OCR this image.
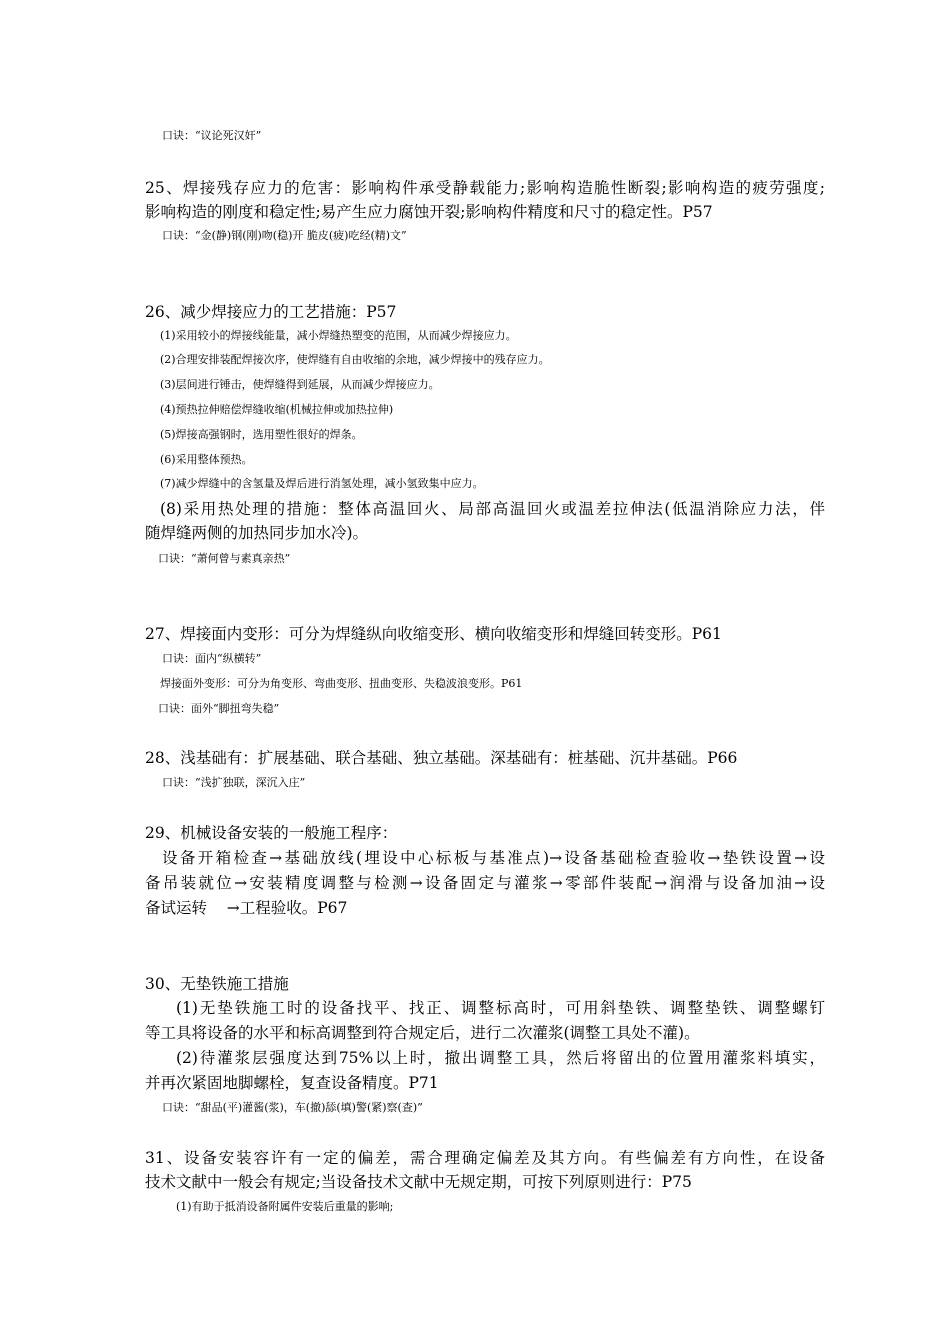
口诀：“议论死汉奸”
25、焊接残存应力的危害：影响构件承受静载能力;影响构造脆性断裂;影响构造的疲劳强度;
影响构造的刚度和稳定性;易产生应力腐蚀开裂;影响构件精度和尺寸的稳定性。P57
口诀：“金(静)钢(刚)吻(稳)开 脆皮(疲)吃经(精)文”
26、减少焊接应力的工艺措施：P57
(1)采用较小的焊接线能量，减小焊缝热塑变的范围，从而减少焊接应力。
(2)合理安排装配焊接次序，使焊缝有自由收缩的余地，减少焊接中的残存应力。
(3)层间进行锤击，使焊缝得到延展，从而减少焊接应力。
(4)预热拉伸赔偿焊缝收缩(机械拉伸或加热拉伸)
(5)焊接高强钢时，选用塑性很好的焊条。
(6)采用整体预热。
(7)减少焊缝中的含氢量及焊后进行消氢处理，减小氢致集中应力。
(8)采用热处理的措施：整体高温回火、局部高温回火或温差拉伸法(低温消除应力法，伴
随焊缝两侧的加热同步加水冷)。
口诀：“萧何曾与素真亲热”
27、焊接面内变形：可分为焊缝纵向收缩变形、横向收缩变形和焊缝回转变形。P61
口诀：面内“纵横转”
焊接面外变形：可分为角变形、弯曲变形、扭曲变形、失稳波浪变形。P61
口诀：面外“脚扭弯失稳”
28、浅基础有：扩展基础、联合基础、独立基础。深基础有：桩基础、沉井基础。P66
口诀：“浅扩独联，深沉入庄”
29、机械设备安装的一般施工程序：
设备开箱检查→基础放线(埋设中心标板与基准点)→设备基础检查验收→垫铁设置→设
备吊装就位→安装精度调整与检测→设备固定与灌浆→零部件装配→润滑与设备加油→设
备试运转    →工程验收。P67
30、无垫铁施工措施
(1)无垫铁施工时的设备找平、找正、调整标高时，可用斜垫铁、调整垫铁、调整螺钉
等工具将设备的水平和标高调整到符合规定后，进行二次灌浆(调整工具处不灌)。
(2)待灌浆层强度达到75%以上时，撤出调整工具，然后将留出的位置用灌浆料填实，
并再次紧固地脚螺栓，复查设备精度。P71
口诀：“甜品(平)灌酱(浆)，车(撤)舔(填)警(紧)察(查)”
31、设备安装容许有一定的偏差，需合理确定偏差及其方向。有些偏差有方向性，在设备
技术文献中一般会有规定;当设备技术文献中无规定期，可按下列原则进行：P75
(1)有助于抵消设备附属件安装后重量的影响;
